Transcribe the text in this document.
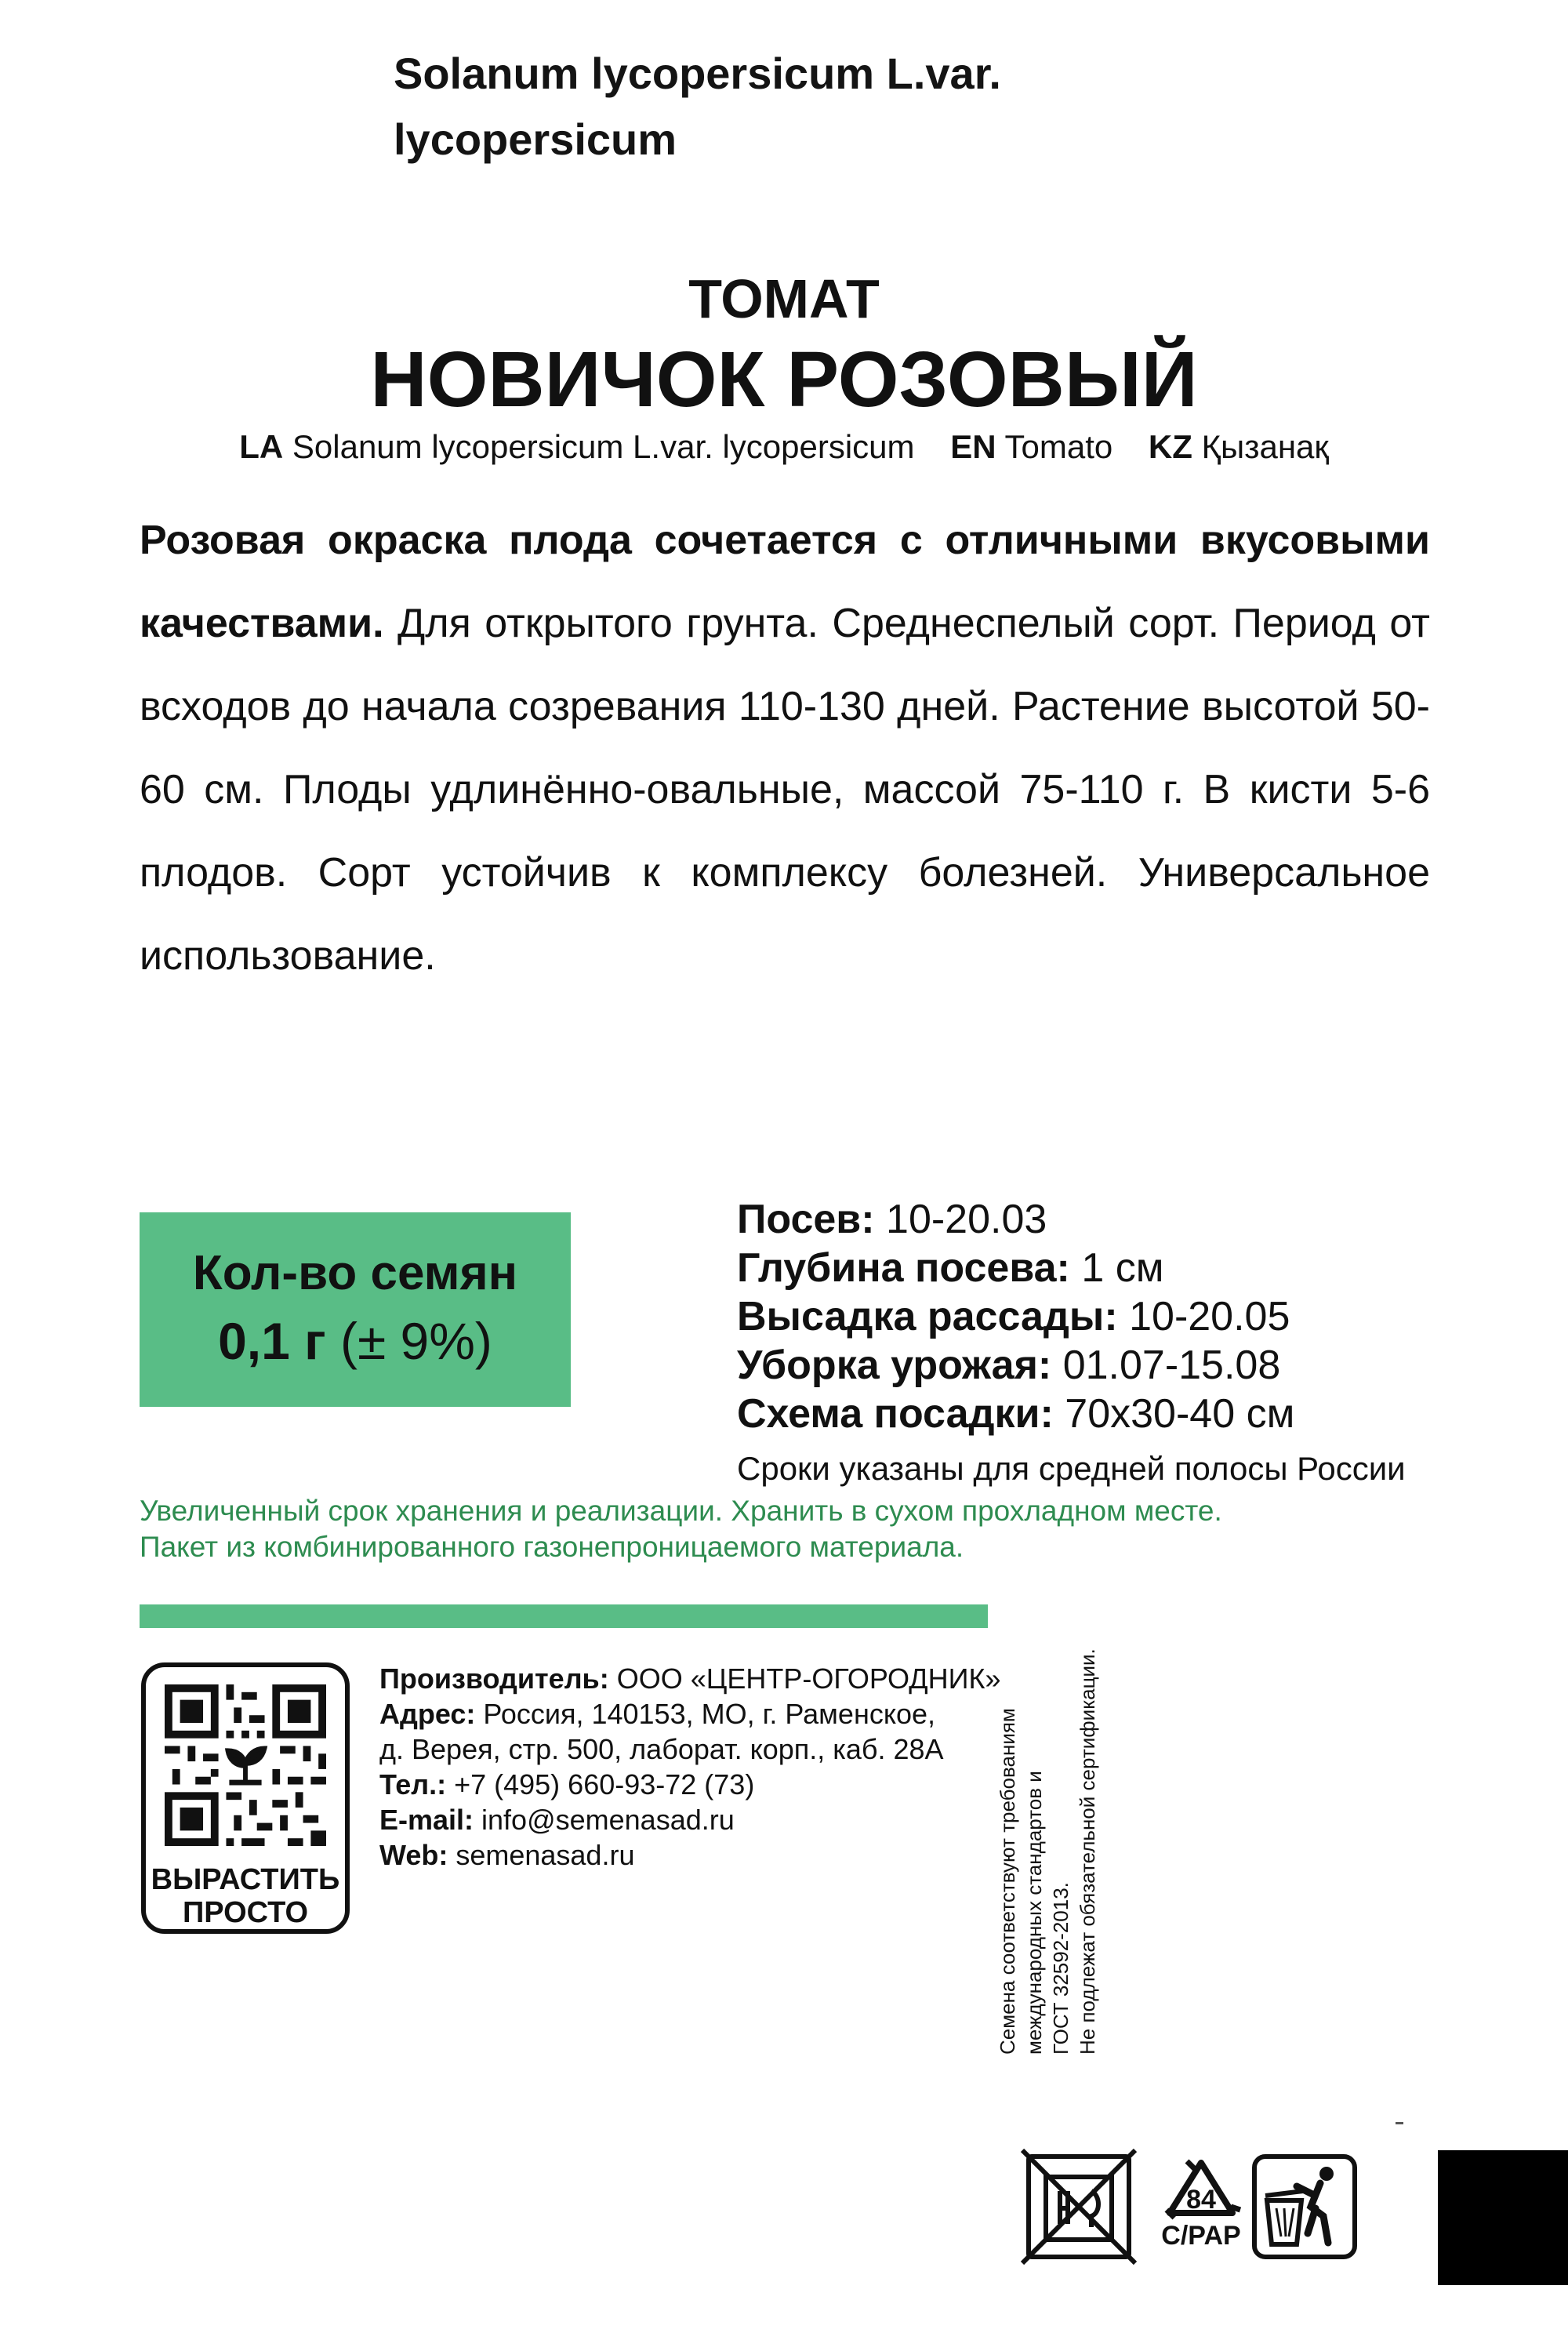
Solanum lycopersicum L.var.
lycopersicum
ТОМАТ
НОВИЧОК РОЗОВЫЙ
LA Solanum lycopersicum L.var. lycopersicum EN Tomato KZ Қызанақ
Розовая окраска плода сочетается с отличными вкусовыми качествами. Для открытого грунта. Среднеспелый сорт. Период от всходов до начала созревания 110-130 дней. Растение высотой 50-60 см. Плоды удлинённо-овальные, массой 75-110 г. В кисти 5-6 плодов. Сорт устойчив к комплексу болезней. Универсальное использование.
Кол-во семян
0,1 г (± 9%)
Посев: 10-20.03
Глубина посева: 1 см
Высадка рассады: 10-20.05
Уборка урожая: 01.07-15.08
Схема посадки: 70х30-40 см
Сроки указаны для средней полосы России
Увеличенный срок хранения и реализации. Хранить в сухом прохладном месте.
Пакет из комбинированного газонепроницаемого материала.
ВЫРАСТИТЬ
ПРОСТО
Производитель: ООО «ЦЕНТР-ОГОРОДНИК»
Адрес: Россия, 140153, МО, г. Раменское,
д. Верея, стр. 500, лаборат. корп., каб. 28А
Тел.: +7 (495) 660-93-72 (73)
E-mail: info@semenasad.ru
Web: semenasad.ru	Семена соответствуют требованиям международных стандартов и ГОСТ 32592-2013. Не подлежат обязательной сертификации.
84
C/PAP
